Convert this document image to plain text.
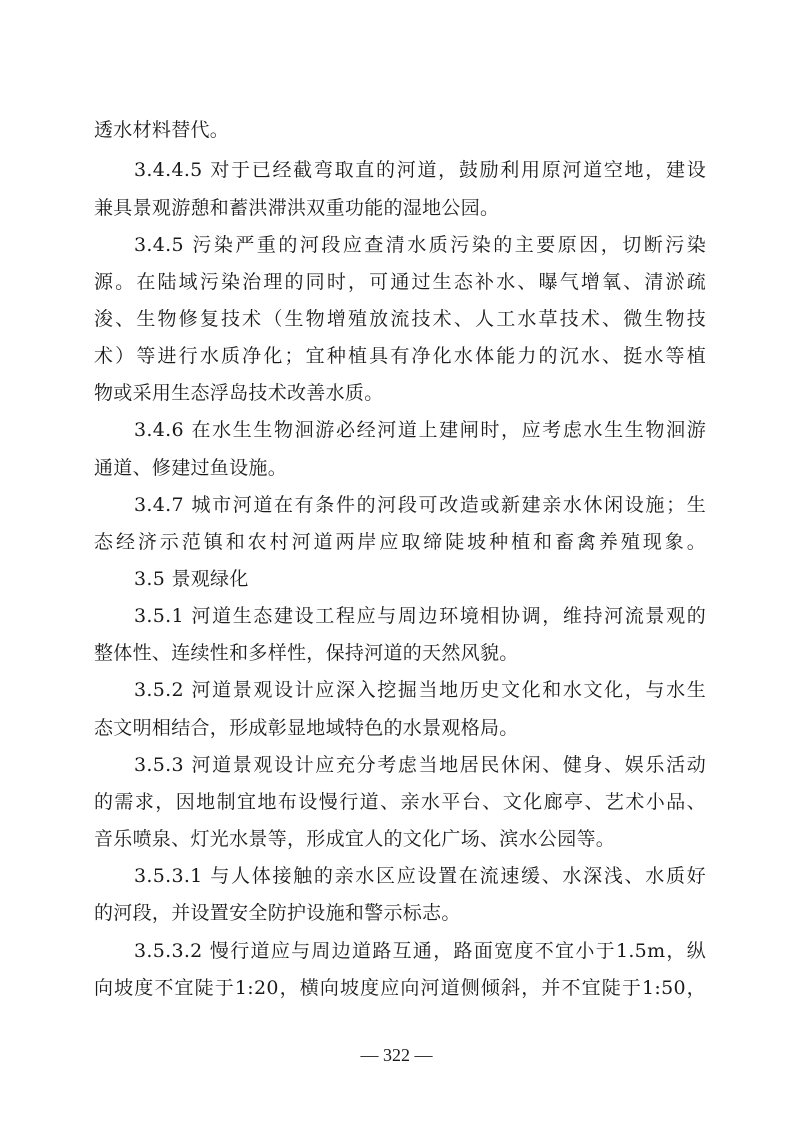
透水材料替代。
3.4.4.5 对于已经截弯取直的河道，鼓励利用原河道空地，建设
兼具景观游憩和蓄洪滞洪双重功能的湿地公园。
3.4.5 污染严重的河段应查清水质污染的主要原因，切断污染
源。在陆域污染治理的同时，可通过生态补水、曝气增氧、清淤疏
浚、生物修复技术（生物增殖放流技术、人工水草技术、微生物技
术）等进行水质净化；宜种植具有净化水体能力的沉水、挺水等植
物或采用生态浮岛技术改善水质。
3.4.6 在水生生物洄游必经河道上建闸时，应考虑水生生物洄游
通道、修建过鱼设施。
3.4.7 城市河道在有条件的河段可改造或新建亲水休闲设施；生
态经济示范镇和农村河道两岸应取缔陡坡种植和畜禽养殖现象。
3.5 景观绿化
3.5.1 河道生态建设工程应与周边环境相协调，维持河流景观的
整体性、连续性和多样性，保持河道的天然风貌。
3.5.2 河道景观设计应深入挖掘当地历史文化和水文化，与水生
态文明相结合，形成彰显地域特色的水景观格局。
3.5.3 河道景观设计应充分考虑当地居民休闲、健身、娱乐活动
的需求，因地制宜地布设慢行道、亲水平台、文化廊亭、艺术小品、
音乐喷泉、灯光水景等，形成宜人的文化广场、滨水公园等。
3.5.3.1 与人体接触的亲水区应设置在流速缓、水深浅、水质好
的河段，并设置安全防护设施和警示标志。
3.5.3.2 慢行道应与周边道路互通，路面宽度不宜小于1.5m，纵
向坡度不宜陡于1:20，横向坡度应向河道侧倾斜，并不宜陡于1:50，
— 322 —
